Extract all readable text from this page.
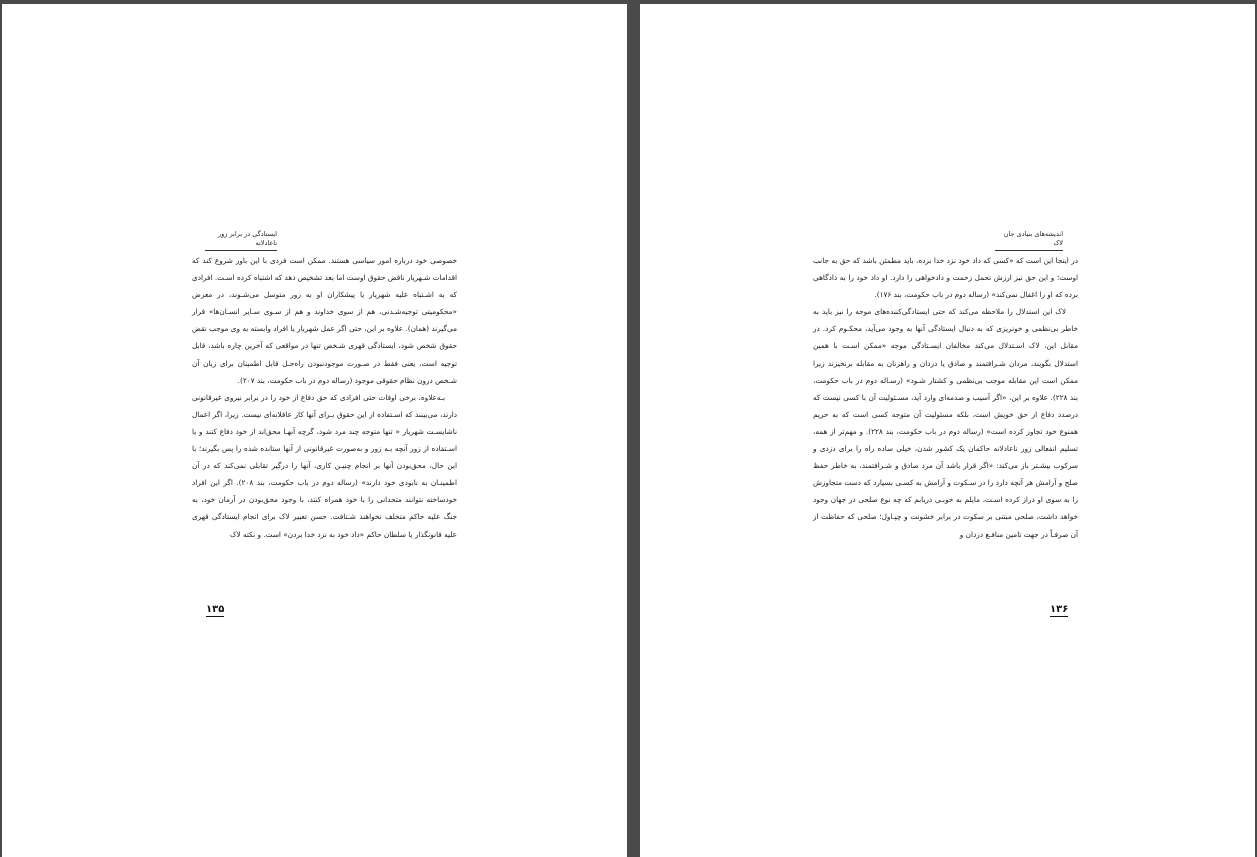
ایستادگی در برابر زور ناعادلانه

خصوصی خود درباره امور سیاسی هستند. ممکن است فردی با این باور شروع کند که اقدامات شـهریار ناقض حقوق اوست اما بعد تشخیص دهد که اشتباه کرده اسـت. افرادی که به اشـتباه علیه شهریار یا پیشکاران او به زور متوسل می‌شـوند، در معرض «محکومیتی توجیه‌شـدنی، هم از سوی خداوند و هم از سـوی سـایر انسـان‌ها» قرار می‌گیرند (همان). علاوه بر این، حتی اگر عمل شهریار یا افراد وابسته به وی موجب نقض حقوق شخص شود، ایستادگی قهری شـخص تنها در مواقعی که آخرین چاره باشد، قابل توجیه است، یعنی فقط در صـورت موجودنبودن راه‌حـل قابل اطمینان برای زبان آن شـخص درون نظام حقوقی موجود (رساله دوم در باب حکومت، بند ۲۰۷).

بـه‌علاوه، برخی اوقات حتی افرادی که حق دفاع از خود را در برابر نیروی غیرقانونی دارند، می‌بینند که اسـتفاده از این حقوق بـرای آنها کار عاقلانه‌ای نیست. زیرا، اگر اعمال ناشایسـت شهریار « تنها متوجه چند مرد شود، گرچه آنهـا محق‌اند از خود دفاع کنند و یا اسـتفاده از زور آنچه بـه زور و به‌صورت غیرقانونی از آنها ستانده شده را پس بگیرند؛ با این حال، محق‌بودن آنها بر انجام چنیـن کاری، آنها را درگیر تقابلی نمی‌کند که در آن اطمینـان به نابودی خود دارند» (رساله دوم در باب حکومت، بند ۲۰۸). اگر این افراد خودساخته نتوانند متحدانی را با خود همراه کنند، با وجود محق‌بودن در آرمان خود، به جنگ علیه حاکم متخلف نخواهند شـتافت. حسن تعبیر لاک برای انجام ایستادگی قهری علیه قانونگذار یا سلطان حاکم «داد خود به نزد خدا بردن» است. و نکته لاک

۱۳۵
اندیشه‌های بنیادی جان لاک

در اینجا این است که «کسی که داد خود نزد خدا برده، باید مطمئن باشد که حق به جانب اوست؛ و این حق نیز ارزش تحمل زحمت و دادخواهی را دارد. او داد خود را به دادگاهی برده که او را اغفال نمی‌کند» (رساله دوم در باب حکومت، بند ۱۷۶).

لاک این استدلال را ملاحظه می‌کند که حتی ایستادگی‌کننده‌های موجه را نیز باید به خاطر بی‌نظمی و خونریزی که به دنبال ایستادگی آنها به وجود می‌آید، محکـوم کرد. در مقابل این، لاک اسـتدلال می‌کند مخالفان ایسـتادگی موجه «ممکن اسـت با همین استدلال بگویند، مردان شـرافتمند و صادق یا دزدان و راهزنان به مقابله برنخیزند زیرا ممکن است این مقابله موجب بی‌نظمی و کشتار شـود» (رسـاله دوم در باب حکومت، بند ۲۲۸). علاوه بر این، «اگر آسیب و صدمه‌ای وارد آید، مسـئولیت آن با کسی نیست که درصدد دفاع از حق خویش است، بلکه مسئولیت آن متوجه کسی است که به حریم همنوع خود تجاوز کرده است» (رساله دوم در باب حکومت، بند ۲۲۸). و مهم‌تر از همه، تسلیم انفعالی زور ناعادلانه حاکمان یک کشور شدن، خیلی ساده راه را برای دزدی و سرکوب بیشـتر باز می‌کند: «اگر قرار باشد آن مرد صادق و شـرافتمند، به خاطر حفظ صلح و آرامش هر آنچه دارد را در سـکوت و آرامش به کسـی بسپارد که دست متجاوزش را به سوی او دراز کرده اسـت، مایلم به خوبـی دریابم که چه نوع صلحی در جهان وجود خواهد داشت، صلحی مبتنی بر سکوت در برابر خشونت و چپـاول؛ صلحی که حفاظت از آن صرفـاً در جهت تامین منافـع دزدان و

۱۳۶
